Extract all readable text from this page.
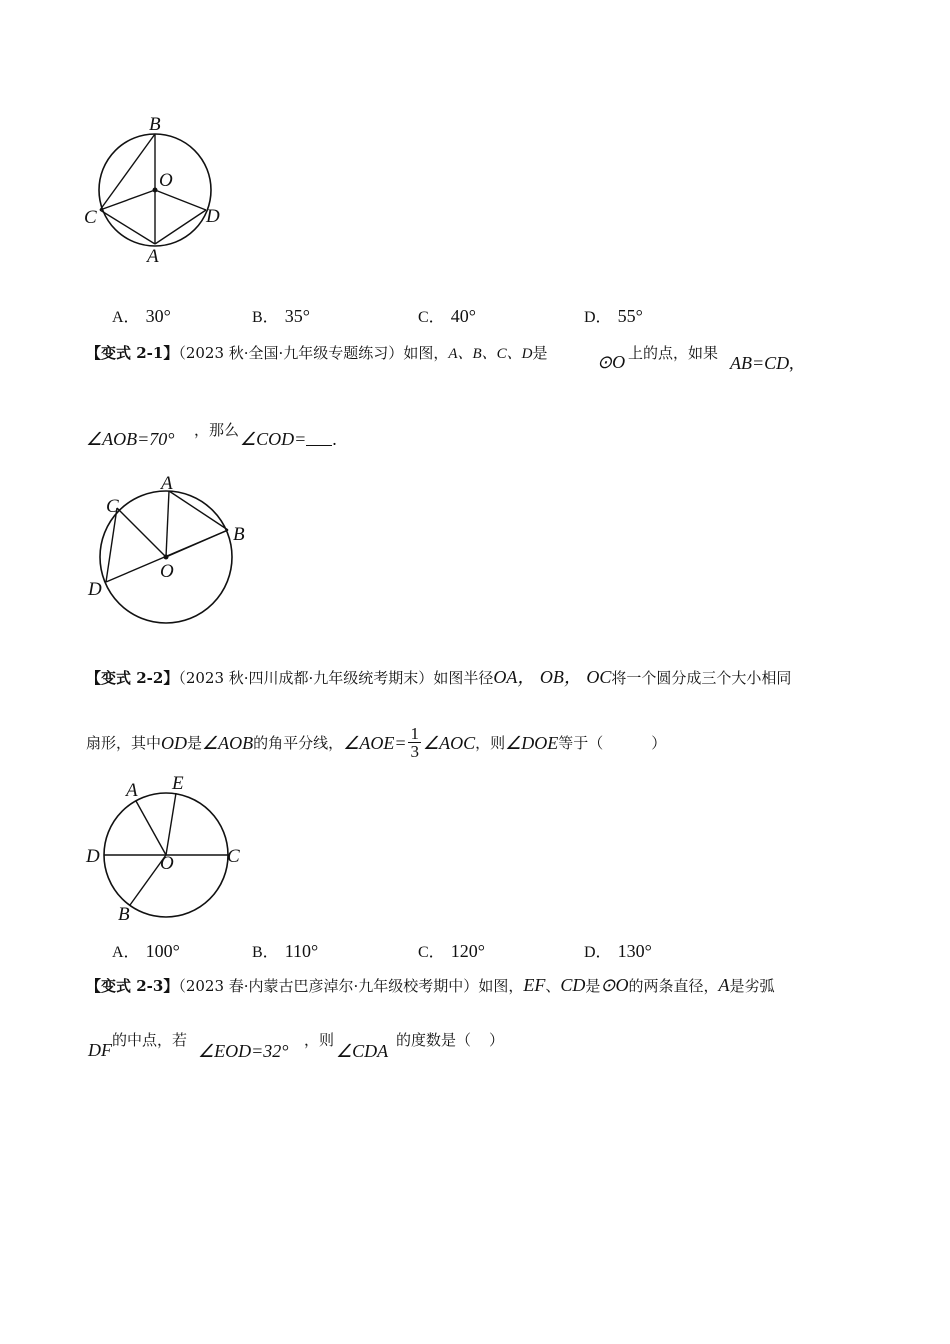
B
O
C	D
A
A． 30°	B． 35°	C． 40°	D． 55°
【变式 2-1】（2023 秋·全国·九年级专题练习）如图，A、B、C、D是	⊙O 上的点，如果 AB=CD,
∠AOB=70° ，那么 ∠COD= .
A
C
B
O
D
【变式 2-2】（2023 秋·四川成都·九年级统考期末）如图半径OA， OB， OC将一个圆分成三个大小相同
扇形，其中 OD 是 ∠AOB 的角平分线， ∠AOE= $\frac{1}{3}$ ∠AOC ，则 ∠DOE 等于（	）
A E
D	O	C
B
A． 100°	B． 110°	C． 120°	D． 130°
【变式 2-3】（2023 春·内蒙古巴彦淖尔·九年级校考期中）如图，EF、CD是⊙O的两条直径，A是劣弧
DF 的中点，若
∠EOD=32°
，则
∠CDA
的度数是（ ）
